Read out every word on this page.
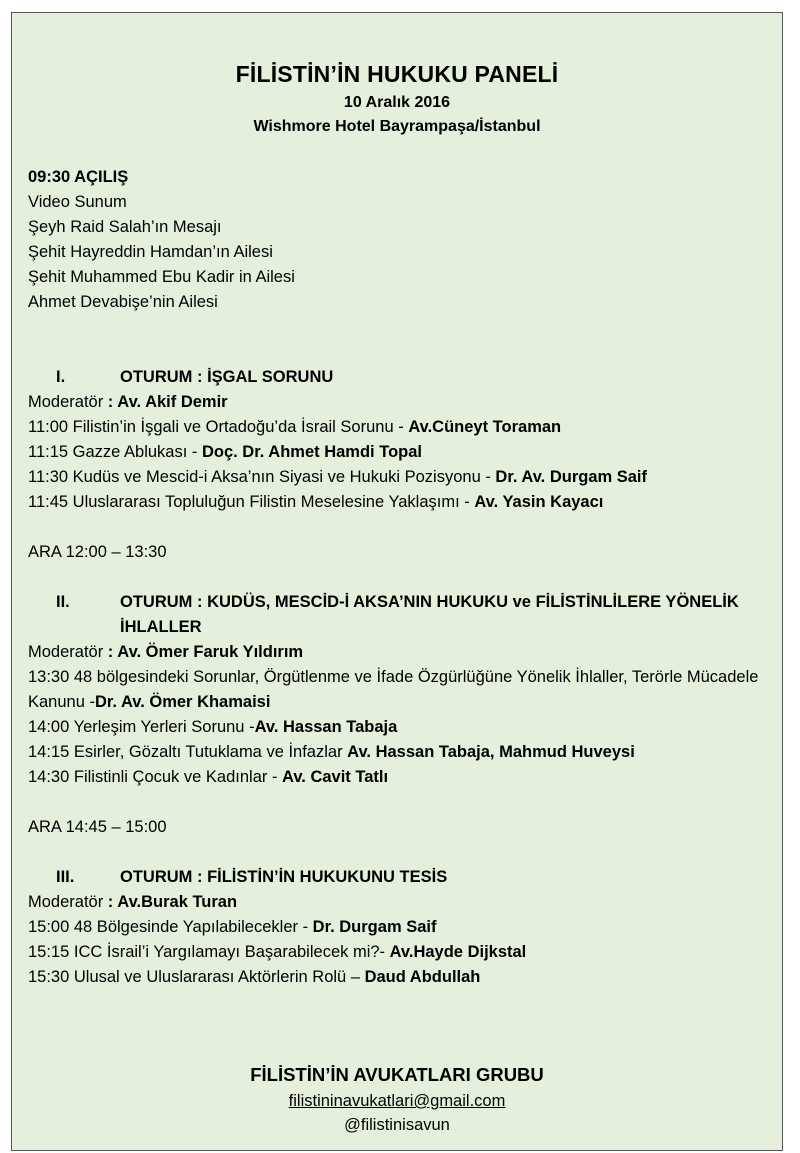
FİLİSTİN’İN HUKUKU PANELİ
10 Aralık 2016
Wishmore Hotel Bayrampaşa/İstanbul
09:30 AÇILIŞ
Video Sunum
Şeyh Raid Salah’ın Mesajı
Şehit Hayreddin Hamdan’ın Ailesi
Şehit Muhammed Ebu Kadir in Ailesi
Ahmet Devabişe’nin Ailesi
I.	OTURUM : İŞGAL SORUNU
Moderatör : Av. Akif Demir
11:00 Filistin’in İşgali ve Ortadoğu’da İsrail Sorunu - Av.Cüneyt Toraman
11:15 Gazze Ablukası - Doç. Dr. Ahmet Hamdi Topal
11:30 Kudüs ve Mescid-i Aksa’nın Siyasi ve Hukuki Pozisyonu - Dr. Av. Durgam Saif
11:45 Uluslararası Topluluğun Filistin Meselesine Yaklaşımı - Av. Yasin Kayacı
ARA 12:00 – 13:30
II.	OTURUM : KUDÜS, MESCİD-İ AKSA’NIN HUKUKU ve FİLİSTİNLİLERE YÖNELİK İHLALLER
Moderatör : Av. Ömer Faruk Yıldırım
13:30 48 bölgesindeki Sorunlar, Örgütlenme ve İfade Özgürlüğüne Yönelik İhlaller, Terörle Mücadele Kanunu -Dr. Av. Ömer Khamaisi
14:00 Yerleşim Yerleri Sorunu -Av. Hassan Tabaja
14:15 Esirler, Gözaltı Tutuklama ve İnfazlar Av. Hassan Tabaja, Mahmud Huveysi
14:30 Filistinli Çocuk ve Kadınlar - Av. Cavit Tatlı
ARA 14:45 – 15:00
III.	OTURUM : FİLİSTİN’İN HUKUKUNU TESİS
Moderatör : Av.Burak Turan
15:00 48 Bölgesinde Yapılabilecekler - Dr. Durgam Saif
15:15 ICC İsrail’i Yargılamayı Başarabilecek mi?- Av.Hayde Dijkstal
15:30 Ulusal ve Uluslararası Aktörlerin Rolü – Daud Abdullah
FİLİSTİN’İN AVUKATLARI GRUBU
filistininavukatlari@gmail.com
@filistinisavun
